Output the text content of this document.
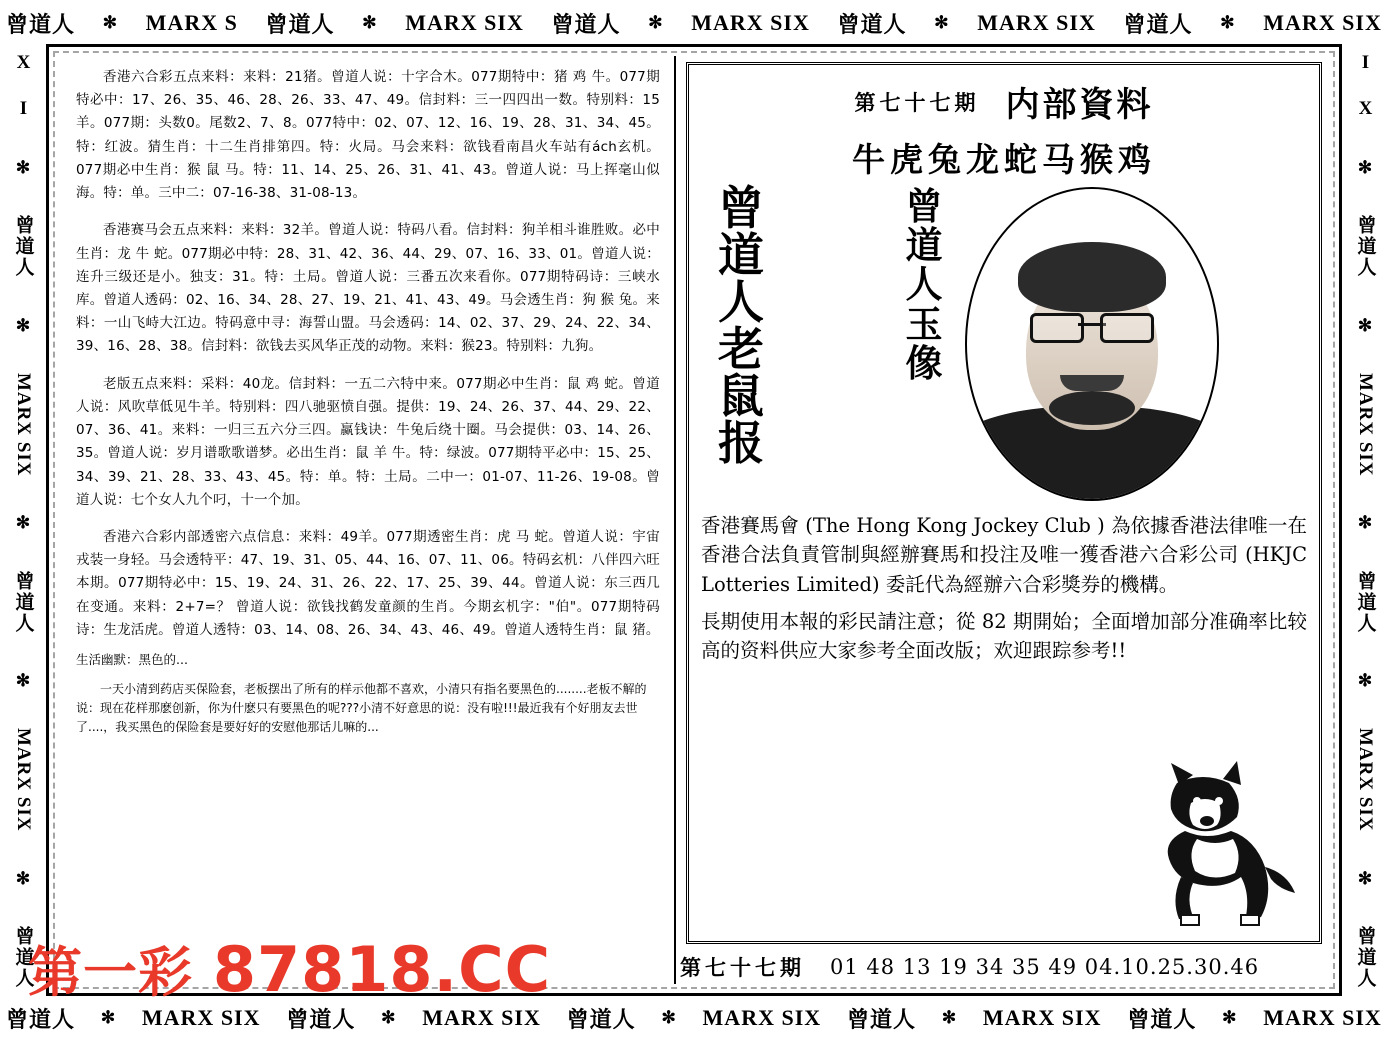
曾道人 ✻ MARX S 曾道人 ✻ MARX SIX 曾道人 ✻ MARX SIX 曾道人 ✻ MARX SIX 曾道人 ✻ MARX SIX
曾道人 ✻ MARX SIX 曾道人 ✻ MARX SIX 曾道人 ✻ MARX SIX 曾道人 ✻ MARX SIX 曾道人 ✻ MARX SIX
X I
✻
曾道人
✻
MARX SIX
✻
曾道人
✻
MARX SIX
✻
曾道人
I X
✻
曾道人
✻
MARX SIX
✻
曾道人
✻
MARX SIX
✻
曾道人

香港六合彩五点来料：来料：21猪。曾道人说：十字合木。077期特中：猪 鸡 牛。077期特必中：17、26、35、46、28、26、33、47、49。信封料：三一四四出一数。特别料：15羊。077期：头数0。尾数2、7、8。077特中：02、07、12、16、19、28、31、34、45。特：红波。猜生肖：十二生肖排第四。特：火局。马会来料：欲钱看南昌火车站有ách玄机。077期必中生肖：猴 鼠 马。特：11、14、25、26、31、41、43。曾道人说：马上挥毫山似海。特：单。三中二：07-16-38、31-08-13。

香港赛马会五点来料：来料：32羊。曾道人说：特码八看。信封料：狗羊相斗谁胜败。必中生肖：龙 牛 蛇。077期必中特：28、31、42、36、44、29、07、16、33、01。曾道人说：连升三级还是小。独支：31。特：土局。曾道人说：三番五次来看你。077期特码诗：三峡水库。曾道人透码：02、16、34、28、27、19、21、41、43、49。马会透生肖：狗 猴 兔。来料：一山飞峙大江边。特码意中寻：海誓山盟。马会透码：14、02、37、29、24、22、34、39、16、28、38。信封料：欲钱去买风华正茂的动物。来料：猴23。特别料：九狗。

老版五点来料：采料：40龙。信封料：一五二六特中来。077期必中生肖：鼠 鸡 蛇。曾道人说：风吹草低见牛羊。特别料：四八驰驱愤自强。提供：19、24、26、37、44、29、22、07、36、41。来料：一归三五六分三四。赢钱诀：牛兔后绕十圈。马会提供：03、14、26、35。曾道人说：岁月谱歌歌谱梦。必出生肖：鼠 羊 牛。特：绿波。077期特平必中：15、25、34、39、21、28、33、43、45。特：单。特：土局。二中一：01-07、11-26、19-08。曾道人说：七个女人九个叼，十一个加。

香港六合彩内部透密六点信息：来料：49羊。077期透密生肖：虎 马 蛇。曾道人说：宇宙戎装一身轻。马会透特平：47、19、31、05、44、16、07、11、06。特码玄机：八伴四六旺本期。077期特必中：15、19、24、31、26、22、17、25、39、44。曾道人说：东三西几在变通。来料：2+7=？ 曾道人说：欲钱找鹤发童颜的生肖。今期玄机字："伯"。077期特码诗：生龙活虎。曾道人透特：03、14、08、26、34、43、46、49。曾道人透特生肖：鼠 猪。

生活幽默：黑色的...

一天小清到药店买保险套，老板摆出了所有的样示他都不喜欢，小清只有指名要黑色的........老板不解的说：现在花样那麽创新，你为什麽只有要黑色的呢???小清不好意思的说：没有啦!!!最近我有个好朋友去世了....，我买黑色的保险套是要好好的安慰他那话儿嘛的...

第七十七期 内部資料
牛虎兔龙蛇马猴鸡
曾
道
人
老
鼠
报
曾
道
人
玉
像
香港賽馬會 (The Hong Kong Jockey Club ) 為依據香港法律唯一在香港合法負責管制與經辦賽馬和投注及唯一獲香港六合彩公司 (HKJC Lotteries Limited) 委託代為經辦六合彩獎券的機構。
長期使用本報的彩民請注意；從 82 期開始；全面增加部分准确率比较高的资料供应大家参考全面改版；欢迎跟踪参考!!
第七十七期 01 48 13 19 34 35 49 04.10.25.30.46
第一彩 87818.CC
